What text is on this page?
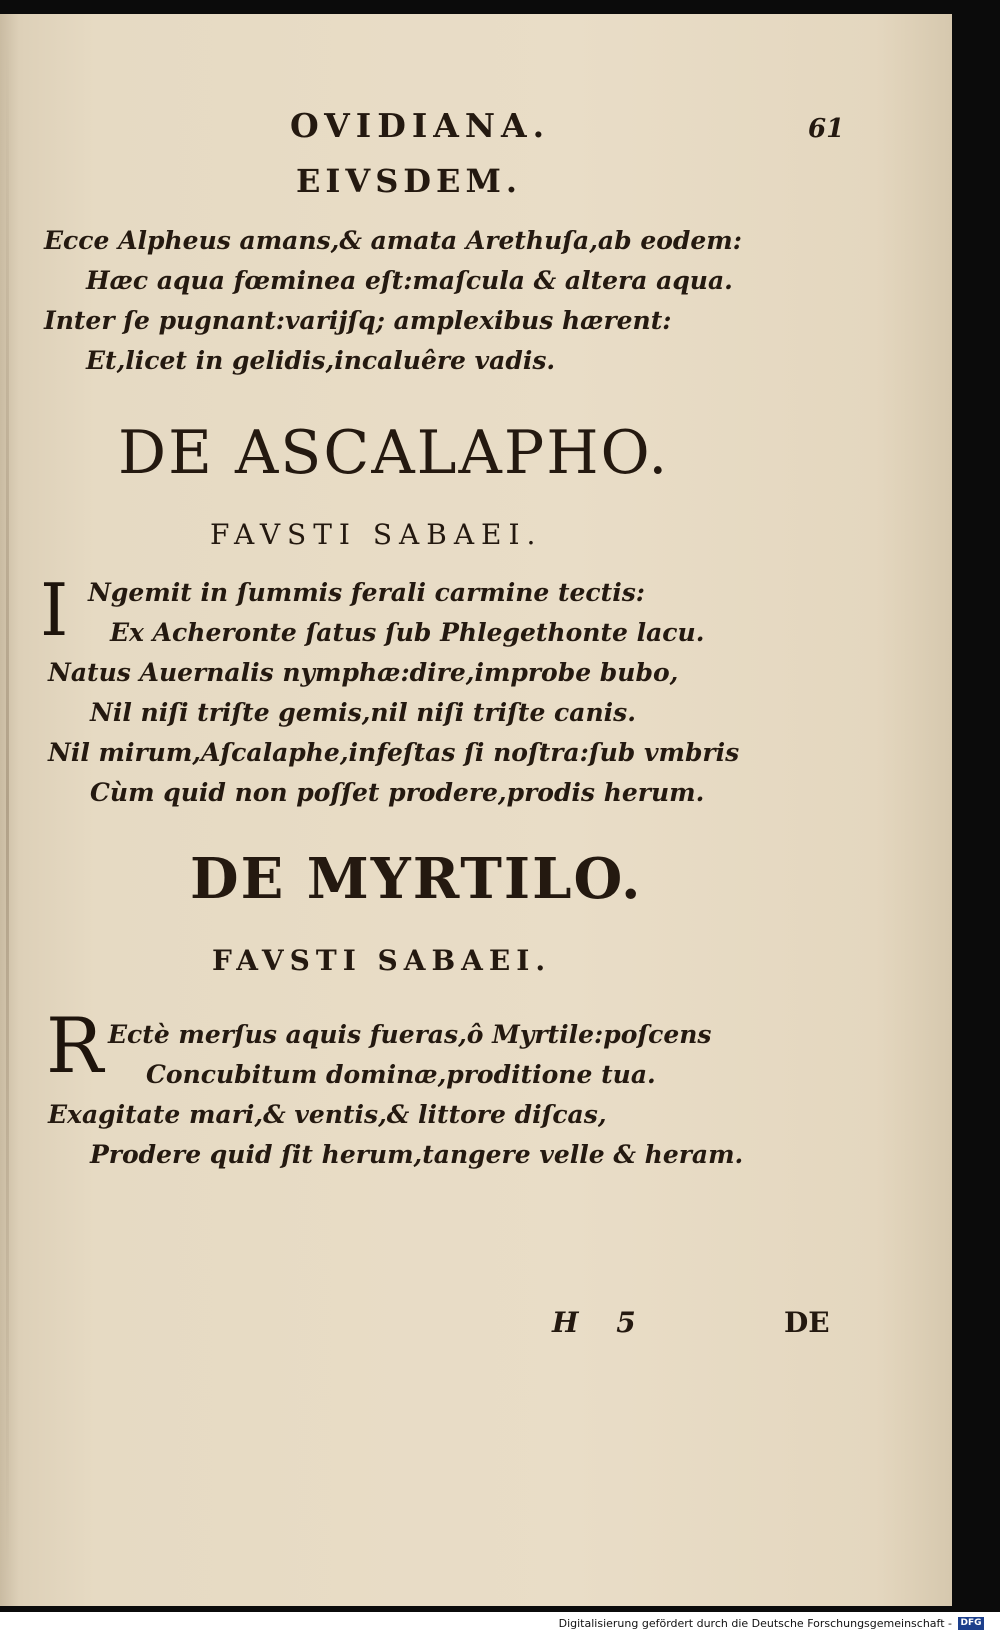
OVIDIANA.	61
EIVSDEM.
Ecce Alpheus amans,& amata Arethuſa,ab eodem:
Hæc aqua fœminea eſt:maſcula & altera aqua.
Inter ſe pugnant:varijſq; amplexibus hærent:
Et,licet in gelidis,incaluêre vadis.
DE ASCALAPHO.
FAVSTI SABAEI.
I Ngemit in ſummis ferali carmine tectis:
Ex Acheronte ſatus ſub Phlegethonte lacu.
Natus Auernalis nymphæ:dire,improbe bubo,
Nil niſi triſte gemis,nil niſi triſte canis.
Nil mirum,Aſcalaphe,infeſtas ſi noſtra:ſub vmbris
Cùm quid non poſſet prodere,prodis herum.
DE MYRTILO.
FAVSTI SABAEI.
R Ectè merſus aquis fueras,ô Myrtile:poſcens
Concubitum dominæ,proditione tua.
Exagitate mari,& ventis,& littore diſcas,
Prodere quid ſit herum,tangere velle & heram.
H 5	DE
Digitalisierung gefördert durch die Deutsche Forschungsgemeinschaft - DFG
